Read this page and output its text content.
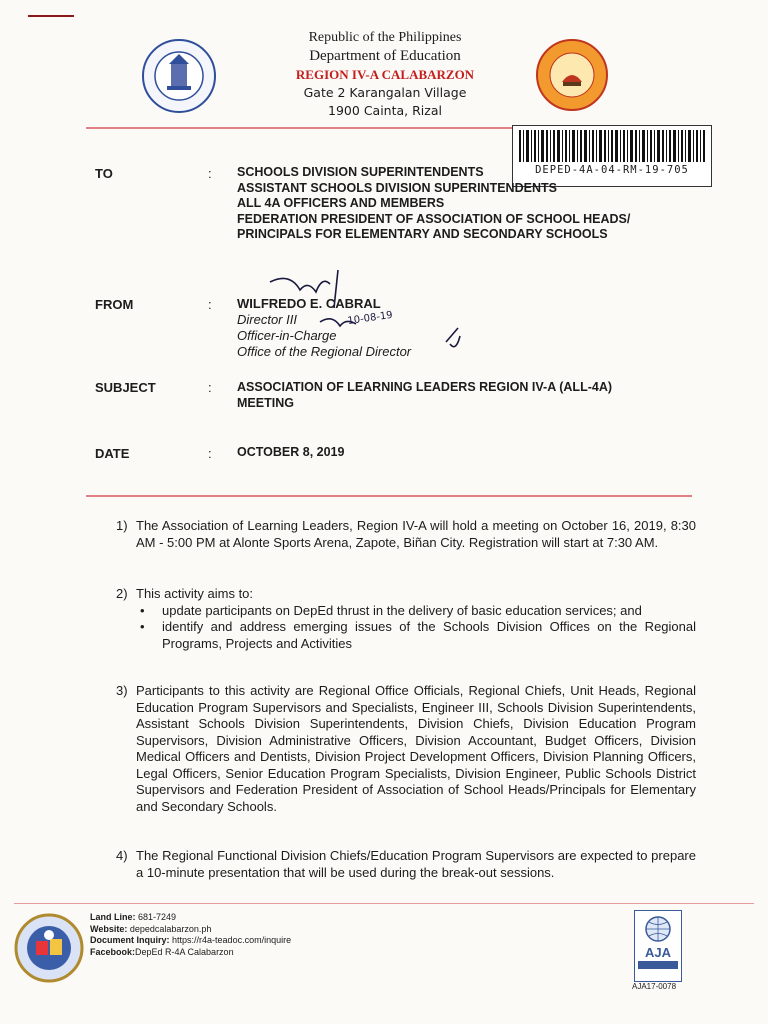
Republic of the Philippines
Department of Education
REGION IV-A CALABARZON
Gate 2 Karangalan Village
1900 Cainta, Rizal
DEPED-4A-04-RM-19-705
TO	: SCHOOLS DIVISION SUPERINTENDENTS
ASSISTANT SCHOOLS DIVISION SUPERINTENDENTS
ALL 4A OFFICERS AND MEMBERS
FEDERATION PRESIDENT OF ASSOCIATION OF SCHOOL HEADS/
PRINCIPALS FOR ELEMENTARY AND SECONDARY SCHOOLS
10-08-19
FROM	: WILFREDO E. CABRAL
Director III
Officer-in-Charge
Office of the Regional Director
SUBJECT	: ASSOCIATION OF LEARNING LEADERS REGION IV-A (ALL-4A)
MEETING
DATE	: OCTOBER 8, 2019
1) The Association of Learning Leaders, Region IV-A will hold a meeting on October 16, 2019, 8:30 AM - 5:00 PM at Alonte Sports Arena, Zapote, Biñan City. Registration will start at 7:30 AM.
2) This activity aims to:
• update participants on DepEd thrust in the delivery of basic education services; and
• identify and address emerging issues of the Schools Division Offices on the Regional Programs, Projects and Activities
3) Participants to this activity are Regional Office Officials, Regional Chiefs, Unit Heads, Regional Education Program Supervisors and Specialists, Engineer III, Schools Division Superintendents, Assistant Schools Division Superintendents, Division Chiefs, Division Education Program Supervisors, Division Administrative Officers, Division Accountant, Budget Officers, Division Medical Officers and Dentists, Division Project Development Officers, Division Planning Officers, Legal Officers, Senior Education Program Specialists, Division Engineer, Public Schools District Supervisors and Federation President of Association of School Heads/Principals for Elementary and Secondary Schools.
4) The Regional Functional Division Chiefs/Education Program Supervisors are expected to prepare a 10-minute presentation that will be used during the break-out sessions.
Land Line: 681-7249
Website: depedcalabarzon.ph
Document Inquiry: https://r4a-teadoc.com/inquire
Facebook:DepEd R-4A Calabarzon	AJA
AJA17-0078
